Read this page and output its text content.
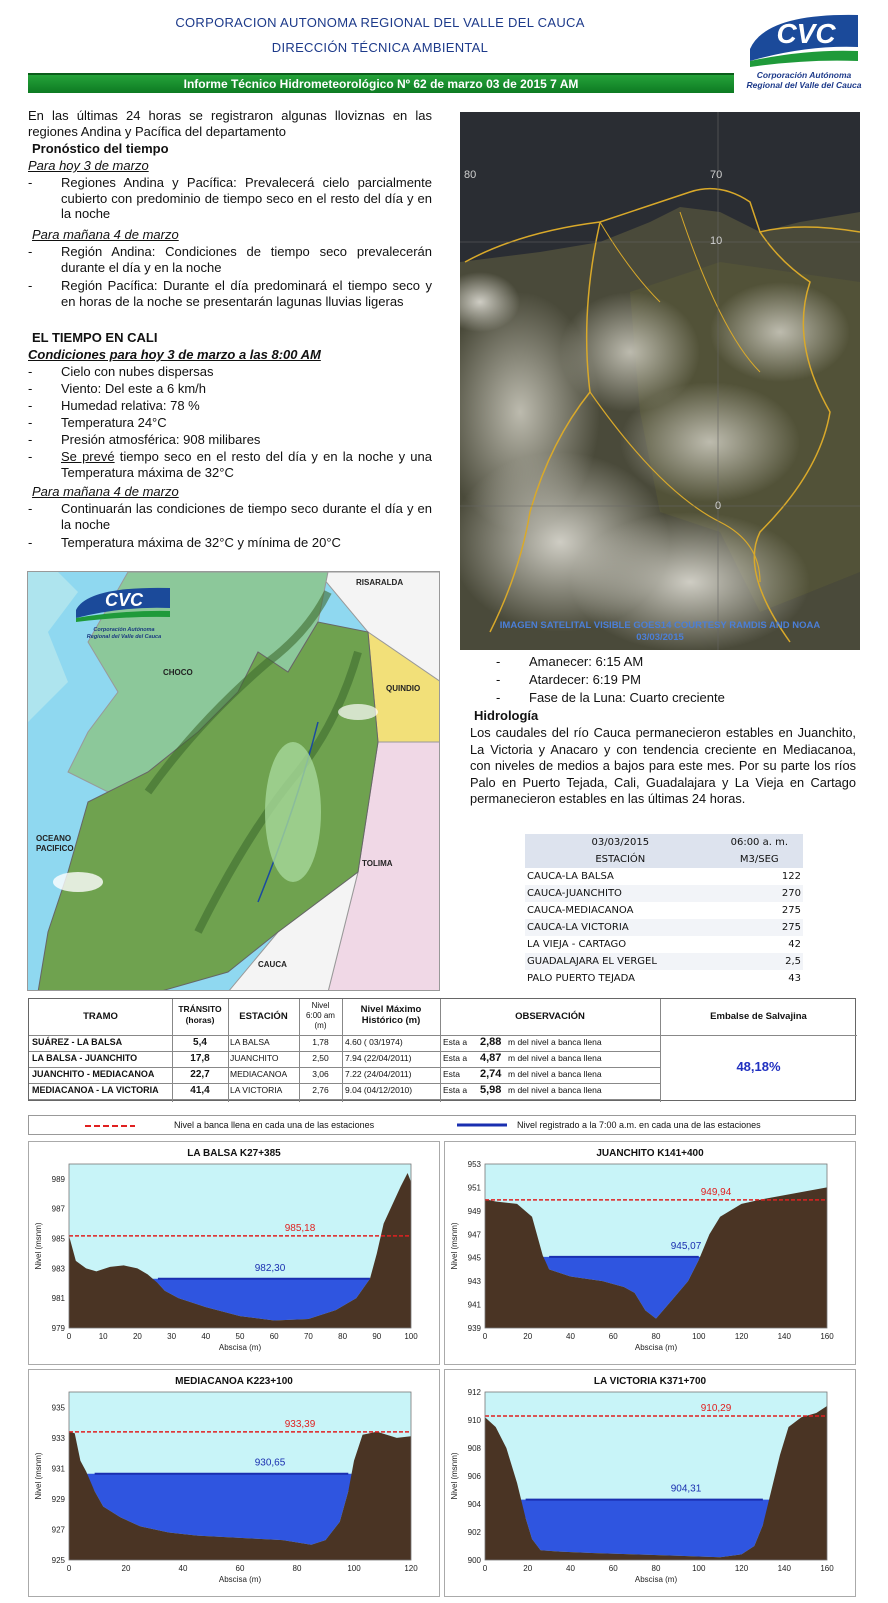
CORPORACION AUTONOMA REGIONAL DEL VALLE DEL CAUCA
DIRECCIÓN TÉCNICA AMBIENTAL
Informe Técnico Hidrometeorológico Nº 62 de marzo 03 de 2015 7 AM
CVC
Corporación Autónoma
Regional del Valle del Cauca
En las últimas 24 horas se registraron algunas lloviznas en las regiones Andina y Pacífica del departamento
Pronóstico del tiempo
Para hoy 3 de marzo
- Regiones Andina y Pacífica: Prevalecerá cielo parcialmente cubierto con predominio de tiempo seco en el resto del día y en la noche
Para mañana 4 de marzo
- Región Andina: Condiciones de tiempo seco prevalecerán durante el día y en la noche
- Región Pacífica: Durante el día predominará el tiempo seco y en horas de la noche se presentarán lagunas lluvias ligeras
EL TIEMPO EN CALI
Condiciones para hoy 3 de marzo a las 8:00 AM
- Cielo con nubes dispersas
- Viento: Del este a 6 km/h
- Humedad relativa: 78 %
- Temperatura 24°C
- Presión atmosférica: 908 milibares
- Se prevé tiempo seco en el resto del día y en la noche y una Temperatura máxima de 32°C
Para mañana 4 de marzo
- Continuarán las condiciones de tiempo seco durante el día y en la noche
- Temperatura máxima de 32°C y mínima de 20°C
80	70
10
0
IMAGEN SATELITAL VISIBLE GOES14 COURTESY RAMDIS AND NOAA
03/03/2015
- Amanecer: 6:15 AM
- Atardecer: 6:19 PM
- Fase de la Luna: Cuarto creciente
Hidrología
Los caudales del río Cauca permanecieron estables en Juanchito, La Victoria y Anacaro y con tendencia creciente en Mediacanoa, con niveles de medios a bajos para este mes. Por su parte los ríos Palo en Puerto Tejada, Cali, Guadalajara y La Vieja en Cartago permanecieron estables en las últimas 24 horas.
CVC
Corporación Autónoma
Regional del Valle del Cauca
RISARALDA
CHOCO
QUINDIO
OCEANO PACIFICO
TOLIMA
CAUCA
03/03/2015	06:00 a. m.
ESTACIÓN	M3/SEG
CAUCA-LA BALSA	122
CAUCA-JUANCHITO	270
CAUCA-MEDIACANOA	275
CAUCA-LA VICTORIA	275
LA VIEJA - CARTAGO	42
GUADALAJARA EL VERGEL	2,5
PALO PUERTO TEJADA	43
TRAMO
TRÁNSITO
(horas)	ESTACIÓN
Nivel
6:00 am
(m)
Nivel Máximo
Histórico (m)	OBSERVACIÓN	Embalse de Salvajina
SUÁREZ - LA BALSA	5,4	LA BALSA	1,78	4.60 ( 03/1974)	Esta a 2,88 m del nivel a banca llena
LA BALSA - JUANCHITO	17,8	JUANCHITO	2,50	7.94 (22/04/2011)	Esta a 4,87 m del nivel a banca llena
JUANCHITO - MEDIACANOA	22,7	MEDIACANOA	3,06	7.22 (24/04/2011)	Esta 2,74 m del nivel a banca llena
MEDIACANOA - LA VICTORIA	41,4	LA VICTORIA	2,76	9.04 (04/12/2010)	Esta a 5,98 m del nivel a banca llena
48,18%
Nivel a banca llena en cada una de las estaciones	Nivel registrado a la 7:00 a.m. en cada una de las estaciones
LA BALSA K27+385
985,18
982,30
0	10	20	30	40	50	60	70	80	90	100
979
981
983
985
987
989
Abscisa (m)
Nivel (msnm)
JUANCHITO K141+400
949,94
945,07
0	20	40	60	80	100	120	140	160
939
941
943
945
947
949
951
953
Abscisa (m)
Nivel (msnm)
MEDIACANOA K223+100
933,39
930,65
0	20	40	60	80	100	120
925
927
929
931
933
935
Abscisa (m)
Nivel (msnm)
LA VICTORIA K371+700
910,29
904,31
0	20	40	60	80	100	120	140	160
900
902
904
906
908
910
912
Abscisa (m)
Nivel (msnm)
